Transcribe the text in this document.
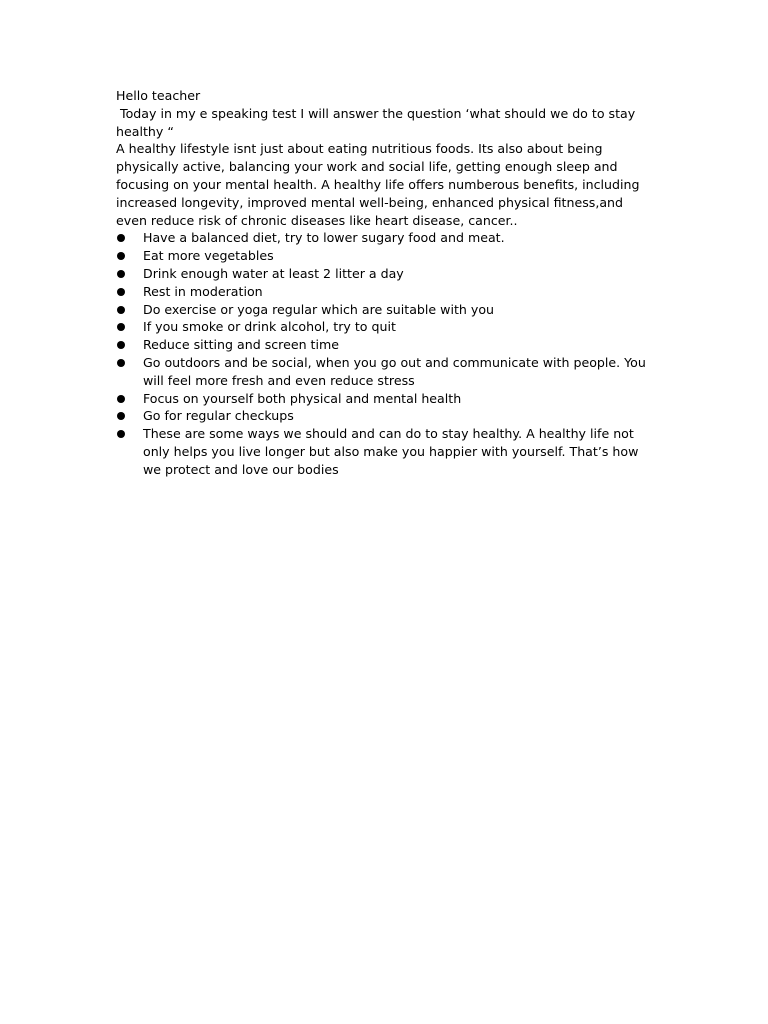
Hello teacher

Today in my e speaking test I will answer the question ‘what should we do to stay healthy “

A healthy lifestyle isnt just about eating nutritious foods. Its also about being physically active, balancing your work and social life, getting enough sleep and focusing on your mental health. A healthy life offers numberous benefits, including increased longevity, improved mental well-being, enhanced physical fitness,and even reduce risk of chronic diseases like heart disease, cancer..

Have a balanced diet, try to lower sugary food and meat.
Eat more vegetables
Drink enough water at least 2 litter a day
Rest in moderation
Do exercise or yoga regular which are suitable with you
If you smoke or drink alcohol, try to quit
Reduce sitting and screen time
Go outdoors and be social, when you go out and communicate with people. You will feel more fresh and even reduce stress
Focus on yourself both physical and mental health
Go for regular checkups
These are some ways we should and can do to stay healthy. A healthy life not only helps you live longer but also make you happier with yourself. That’s how we protect and love our bodies
